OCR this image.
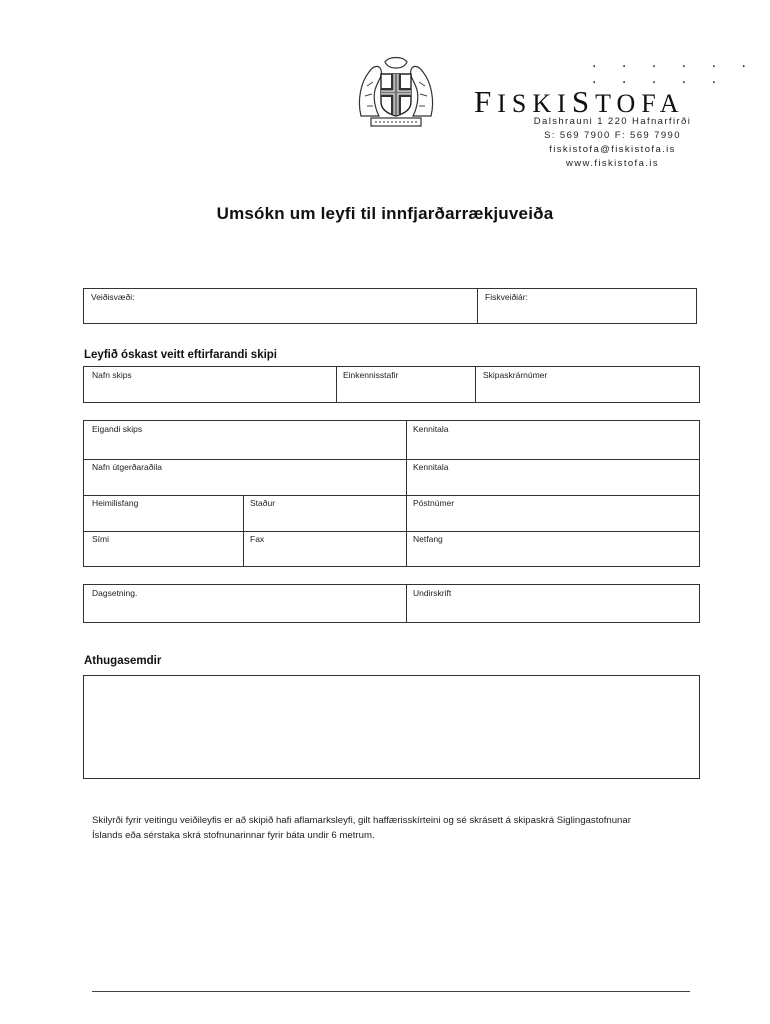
. . . . . . . . . . .
FISKISTOFA
Dalshrauni 1 220 Hafnarfirði
S: 569 7900 F: 569 7990
fiskistofa@fiskistofa.is
www.fiskistofa.is
Umsókn um leyfi til innfjarðarrækjuveiða
Veiðisvæði:	Fiskveiðiár:
Leyfið óskast veitt eftirfarandi skipi
Nafn skips	Einkennisstafir	Skipaskrárnúmer
Eigandi skips	Kennitala
Nafn útgerðaraðila	Kennitala
Heimilisfang	Staður	Póstnúmer
Sími	Fax	Netfang
Dagsetning.	Undirskrift
Athugasemdir
Skilyrði fyrir veitingu veiðileyfis er að skipið hafi aflamarksleyfi, gilt haffærisskírteini og sé skrásett á skipaskrá Siglingastofnunar
Íslands eða sérstaka skrá stofnunarinnar fyrir báta undir 6 metrum.
